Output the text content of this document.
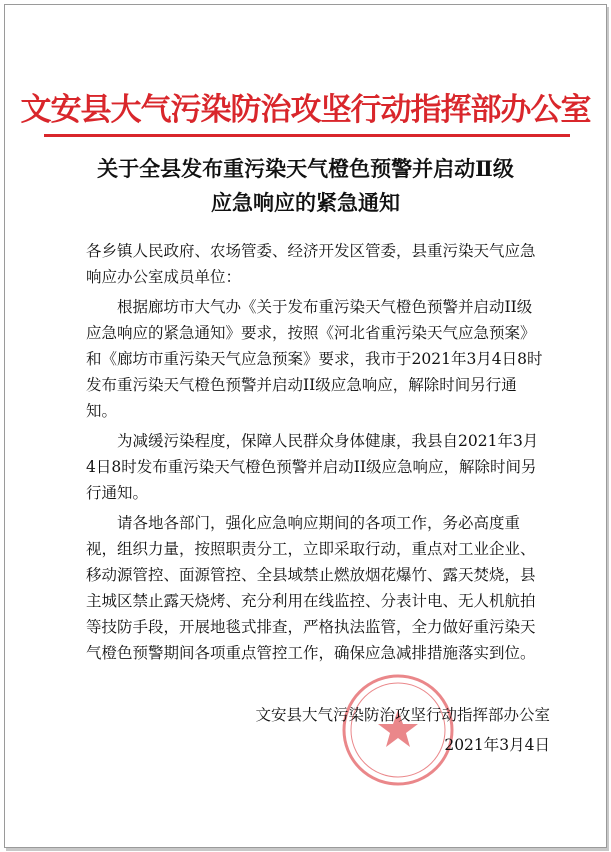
文安县大气污染防治攻坚行动指挥部办公室
关于全县发布重污染天气橙色预警并启动Ⅱ级
应急响应的紧急通知

各乡镇人民政府、农场管委、经济开发区管委，县重污染天气应急响应办公室成员单位：

根据廊坊市大气办《关于发布重污染天气橙色预警并启动II级应急响应的紧急通知》要求，按照《河北省重污染天气应急预案》和《廊坊市重污染天气应急预案》要求，我市于2021年3月4日8时发布重污染天气橙色预警并启动II级应急响应，解除时间另行通知。

为减缓污染程度，保障人民群众身体健康，我县自2021年3月4日8时发布重污染天气橙色预警并启动II级应急响应，解除时间另行通知。

请各地各部门，强化应急响应期间的各项工作，务必高度重视，组织力量，按照职责分工，立即采取行动，重点对工业企业、移动源管控、面源管控、全县域禁止燃放烟花爆竹、露天焚烧，县主城区禁止露天烧烤、充分利用在线监控、分表计电、无人机航拍等技防手段，开展地毯式排查，严格执法监管，全力做好重污染天气橙色预警期间各项重点管控工作，确保应急减排措施落实到位。

文安县大气污染防治攻坚行动指挥部办公室
2021年3月4日
